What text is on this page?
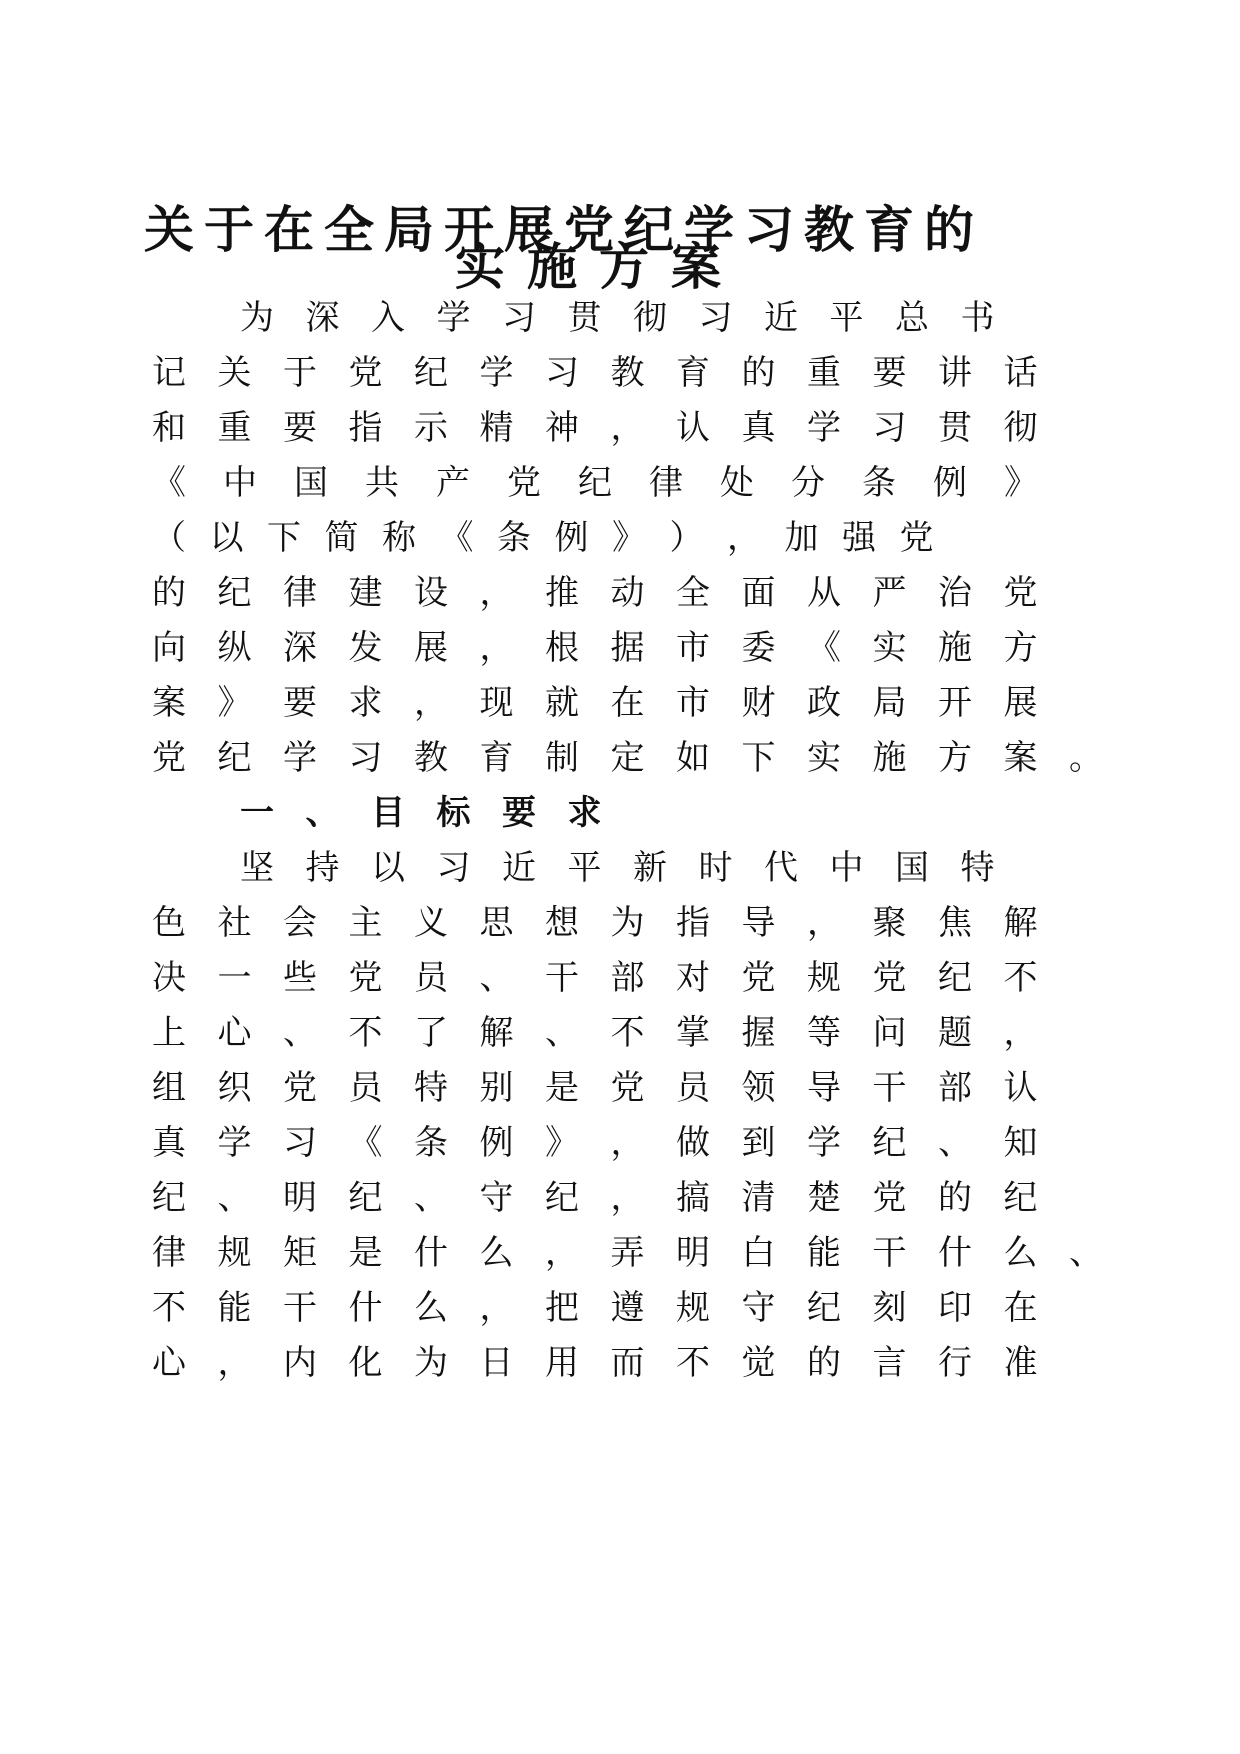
关 于 在 全 局 开 展 党 纪 学 习 教 育 的
实 施 方 案
为 深 入 学 习 贯 彻 习 近 平 总 书
记 关 于 党 纪 学 习 教 育 的 重 要 讲 话
和 重 要 指 示 精 神 ， 认 真 学 习 贯 彻
《 中 国 共 产 党 纪 律 处 分 条 例 》
（ 以 下 简 称 《 条 例 》 ） ， 加 强 党
的 纪 律 建 设 ， 推 动 全 面 从 严 治 党
向 纵 深 发 展 ， 根 据 市 委 《 实 施 方
案 》 要 求 ， 现 就 在 市 财 政 局 开 展
党 纪 学 习 教 育 制 定 如 下 实 施 方 案 。
一 、 目 标 要 求
坚 持 以 习 近 平 新 时 代 中 国 特
色 社 会 主 义 思 想 为 指 导 ， 聚 焦 解
决 一 些 党 员 、 干 部 对 党 规 党 纪 不
上 心 、 不 了 解 、 不 掌 握 等 问 题 ，
组 织 党 员 特 别 是 党 员 领 导 干 部 认
真 学 习 《 条 例 》 ， 做 到 学 纪 、 知
纪 、 明 纪 、 守 纪 ， 搞 清 楚 党 的 纪
律 规 矩 是 什 么 ， 弄 明 白 能 干 什 么 、
不 能 干 什 么 ， 把 遵 规 守 纪 刻 印 在
心 ， 内 化 为 日 用 而 不 觉 的 言 行 准
